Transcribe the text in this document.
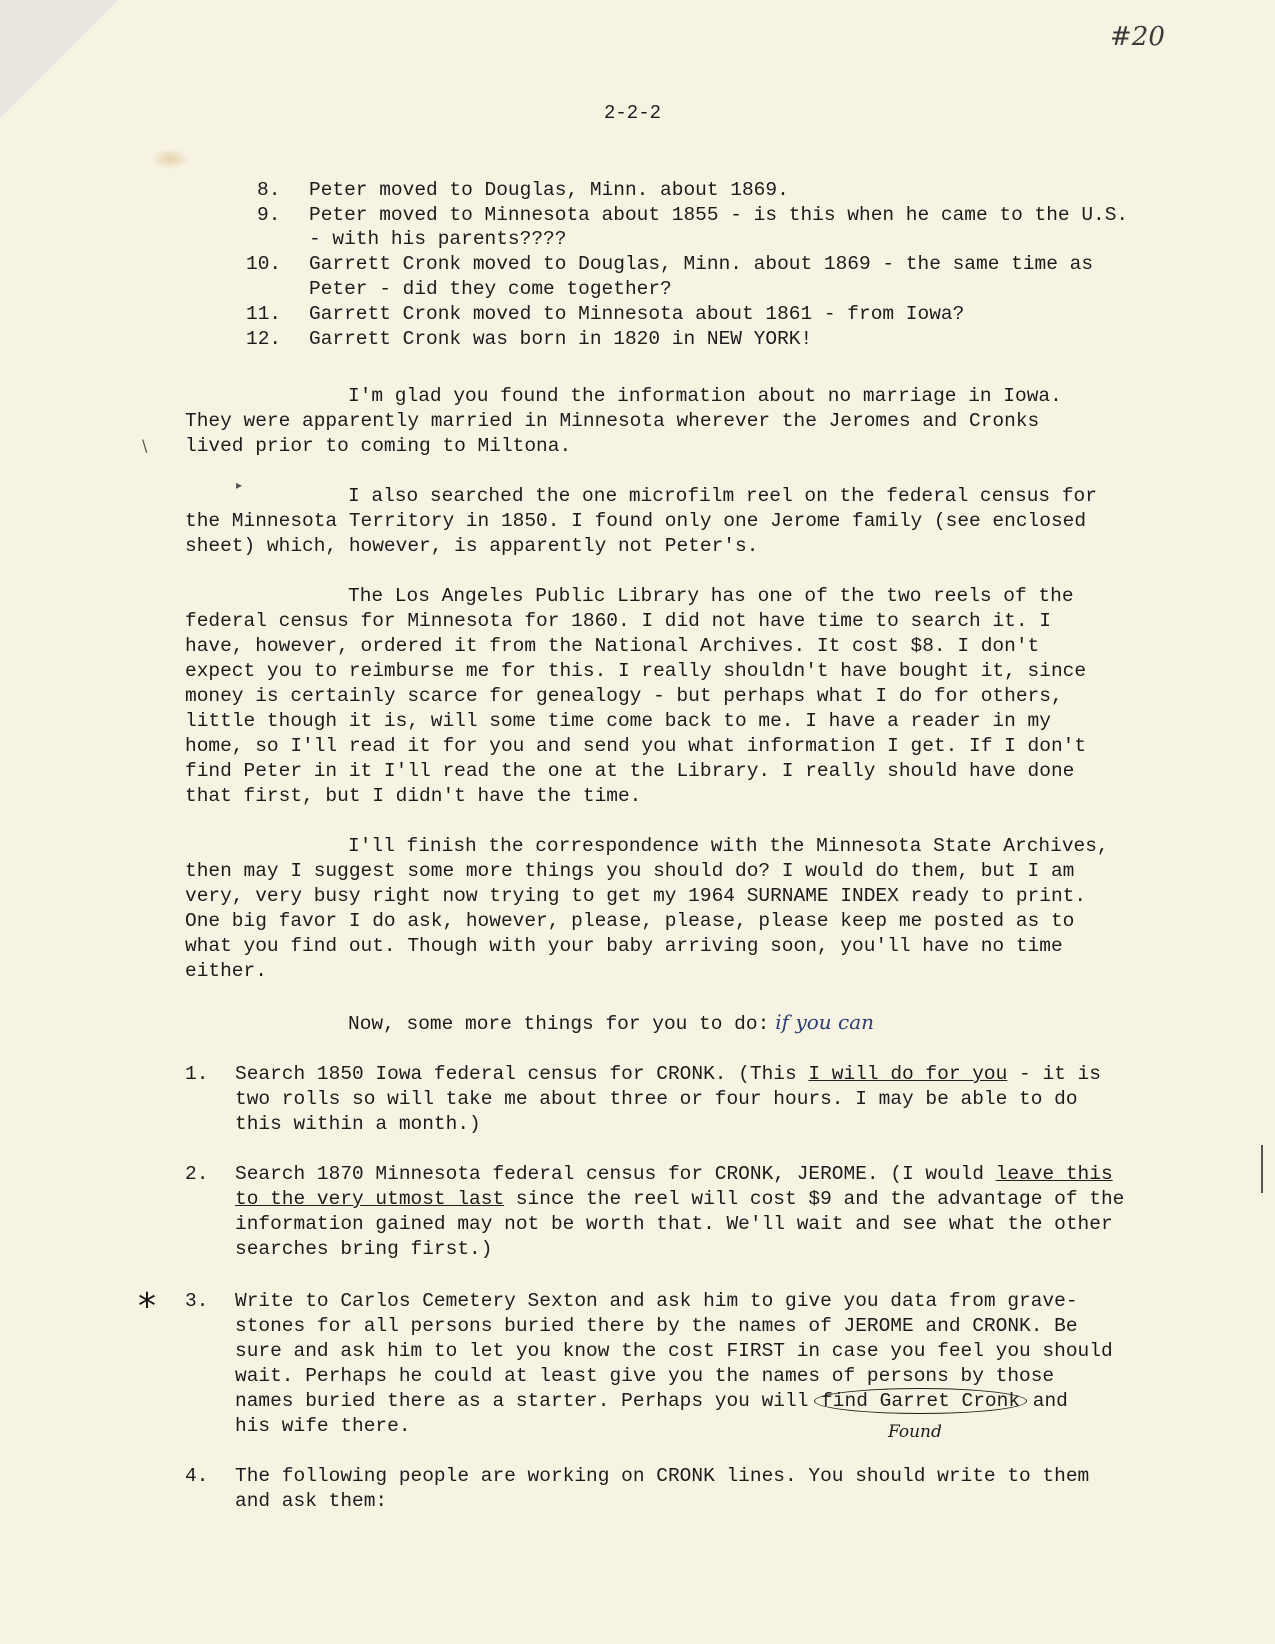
\
▸
#20
2-2-2
8. Peter moved to Douglas, Minn. about 1869.
9. Peter moved to Minnesota about 1855 - is this when he came to the U.S.
- with his parents????
10. Garrett Cronk moved to Douglas, Minn. about 1869 - the same time as
Peter - did they come together?
11. Garrett Cronk moved to Minnesota about 1861 - from Iowa?
12. Garrett Cronk was born in 1820 in NEW YORK!
I'm glad you found the information about no marriage in Iowa.
They were apparently married in Minnesota wherever the Jeromes and Cronks
lived prior to coming to Miltona.
I also searched the one microfilm reel on the federal census for
the Minnesota Territory in 1850. I found only one Jerome family (see enclosed
sheet) which, however, is apparently not Peter's.
The Los Angeles Public Library has one of the two reels of the
federal census for Minnesota for 1860. I did not have time to search it. I
have, however, ordered it from the National Archives. It cost $8. I don't
expect you to reimburse me for this. I really shouldn't have bought it, since
money is certainly scarce for genealogy - but perhaps what I do for others,
little though it is, will some time come back to me. I have a reader in my
home, so I'll read it for you and send you what information I get. If I don't
find Peter in it I'll read the one at the Library. I really should have done
that first, but I didn't have the time.
I'll finish the correspondence with the Minnesota State Archives,
then may I suggest some more things you should do? I would do them, but I am
very, very busy right now trying to get my 1964 SURNAME INDEX ready to print.
One big favor I do ask, however, please, please, please keep me posted as to
what you find out. Though with your baby arriving soon, you'll have no time
either.
Now, some more things for you to do: if you can
1. Search 1850 Iowa federal census for CRONK. (This I will do for you - it is
two rolls so will take me about three or four hours. I may be able to do
this within a month.)
2. Search 1870 Minnesota federal census for CRONK, JEROME. (I would leave this
to the very utmost last since the reel will cost $9 and the advantage of the
information gained may not be worth that. We'll wait and see what the other
searches bring first.)
* 3. Write to Carlos Cemetery Sexton and ask him to give you data from grave-
stones for all persons buried there by the names of JEROME and CRONK. Be
sure and ask him to let you know the cost FIRST in case you feel you should
wait. Perhaps he could at least give you the names of persons by those
names buried there as a starter. Perhaps you will find Garret Cronk and
his wife there.	Found
4. The following people are working on CRONK lines. You should write to them
and ask them:
